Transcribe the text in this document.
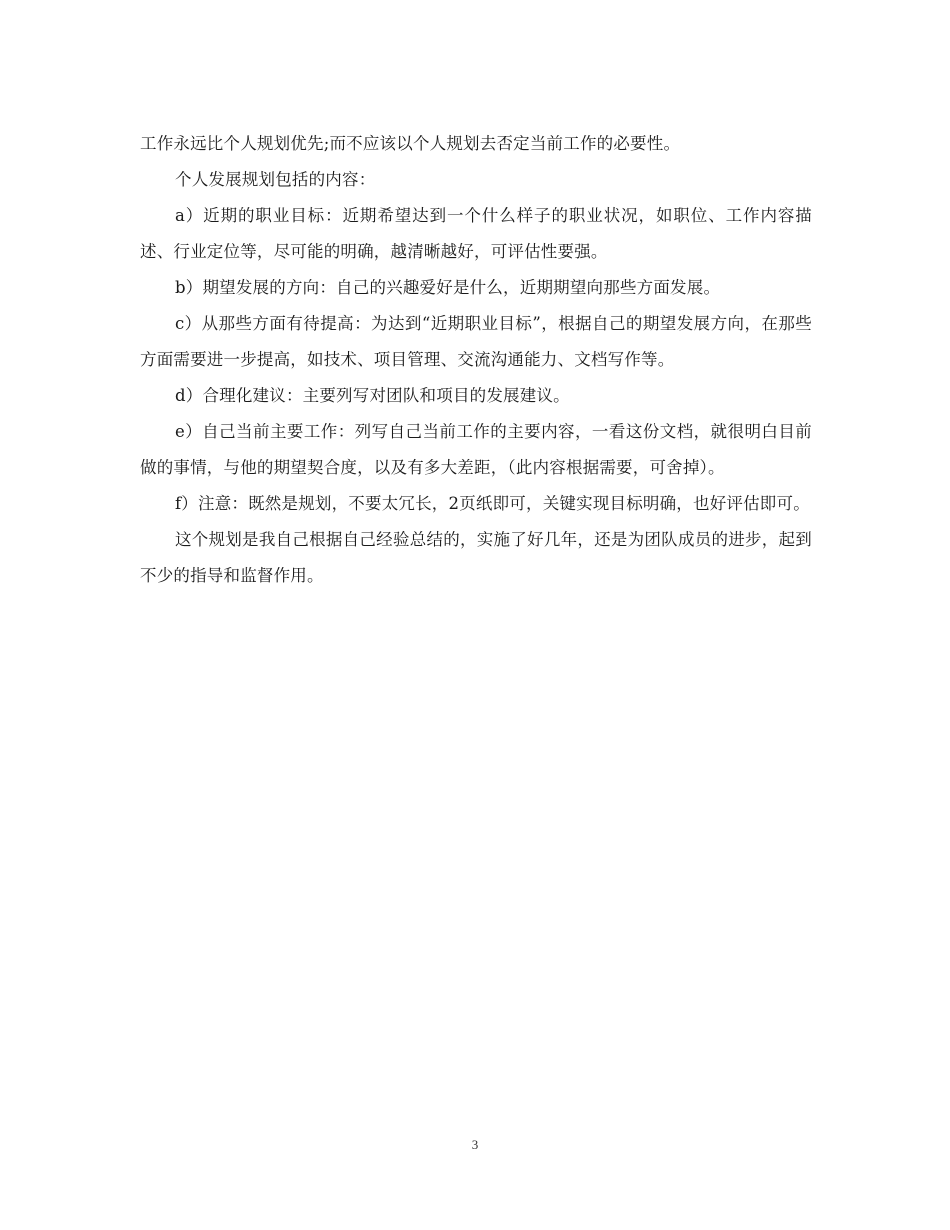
工作永远比个人规划优先;而不应该以个人规划去否定当前工作的必要性。

个人发展规划包括的内容：

a）近期的职业目标：近期希望达到一个什么样子的职业状况，如职位、工作内容描述、行业定位等，尽可能的明确，越清晰越好，可评估性要强。

b）期望发展的方向：自己的兴趣爱好是什么，近期期望向那些方面发展。

c）从那些方面有待提高：为达到“近期职业目标”，根据自己的期望发展方向，在那些方面需要进一步提高，如技术、项目管理、交流沟通能力、文档写作等。

d）合理化建议：主要列写对团队和项目的发展建议。

e）自己当前主要工作：列写自己当前工作的主要内容，一看这份文档，就很明白目前做的事情，与他的期望契合度，以及有多大差距，（此内容根据需要，可舍掉）。

f）注意：既然是规划，不要太冗长，2页纸即可，关键实现目标明确，也好评估即可。

这个规划是我自己根据自己经验总结的，实施了好几年，还是为团队成员的进步，起到不少的指导和监督作用。

3
